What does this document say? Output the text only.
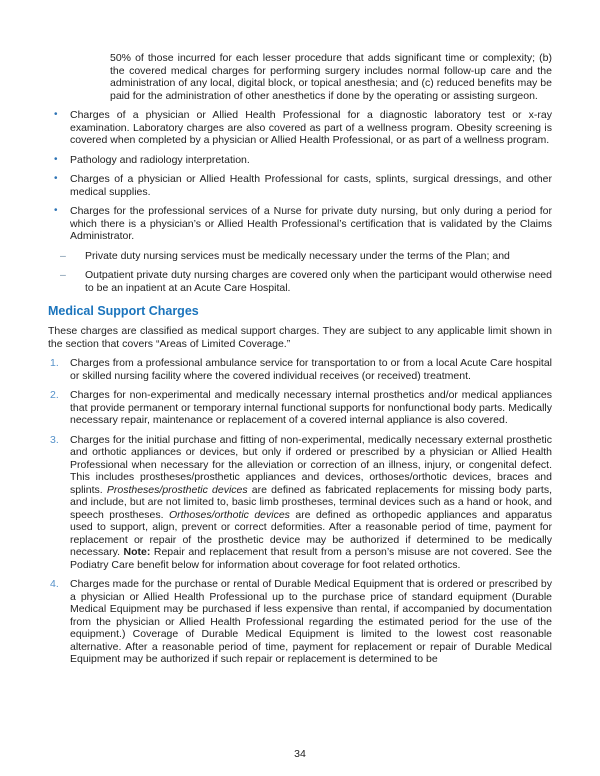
50% of those incurred for each lesser procedure that adds significant time or complexity; (b) the covered medical charges for performing surgery includes normal follow-up care and the administration of any local, digital block, or topical anesthesia; and (c) reduced benefits may be paid for the administration of other anesthetics if done by the operating or assisting surgeon.
• Charges of a physician or Allied Health Professional for a diagnostic laboratory test or x-ray examination. Laboratory charges are also covered as part of a wellness program. Obesity screening is covered when completed by a physician or Allied Health Professional, or as part of a wellness program.
• Pathology and radiology interpretation.
• Charges of a physician or Allied Health Professional for casts, splints, surgical dressings, and other medical supplies.
• Charges for the professional services of a Nurse for private duty nursing, but only during a period for which there is a physician’s or Allied Health Professional’s certification that is validated by the Claims Administrator.
– Private duty nursing services must be medically necessary under the terms of the Plan; and
– Outpatient private duty nursing charges are covered only when the participant would otherwise need to be an inpatient at an Acute Care Hospital.
Medical Support Charges
These charges are classified as medical support charges. They are subject to any applicable limit shown in the section that covers “Areas of Limited Coverage.”
1. Charges from a professional ambulance service for transportation to or from a local Acute Care hospital or skilled nursing facility where the covered individual receives (or received) treatment.
2. Charges for non-experimental and medically necessary internal prosthetics and/or medical appliances that provide permanent or temporary internal functional supports for nonfunctional body parts. Medically necessary repair, maintenance or replacement of a covered internal appliance is also covered.
3. Charges for the initial purchase and fitting of non-experimental, medically necessary external prosthetic and orthotic appliances or devices, but only if ordered or prescribed by a physician or Allied Health Professional when necessary for the alleviation or correction of an illness, injury, or congenital defect. This includes prostheses/prosthetic appliances and devices, orthoses/orthotic devices, braces and splints. Prostheses/prosthetic devices are defined as fabricated replacements for missing body parts, and include, but are not limited to, basic limb prostheses, terminal devices such as a hand or hook, and speech prostheses. Orthoses/orthotic devices are defined as orthopedic appliances and apparatus used to support, align, prevent or correct deformities. After a reasonable period of time, payment for replacement or repair of the prosthetic device may be authorized if determined to be medically necessary. Note: Repair and replacement that result from a person’s misuse are not covered. See the Podiatry Care benefit below for information about coverage for foot related orthotics.
4. Charges made for the purchase or rental of Durable Medical Equipment that is ordered or prescribed by a physician or Allied Health Professional up to the purchase price of standard equipment (Durable Medical Equipment may be purchased if less expensive than rental, if accompanied by documentation from the physician or Allied Health Professional regarding the estimated period for the use of the equipment.) Coverage of Durable Medical Equipment is limited to the lowest cost reasonable alternative. After a reasonable period of time, payment for replacement or repair of Durable Medical Equipment may be authorized if such repair or replacement is determined to be
34
